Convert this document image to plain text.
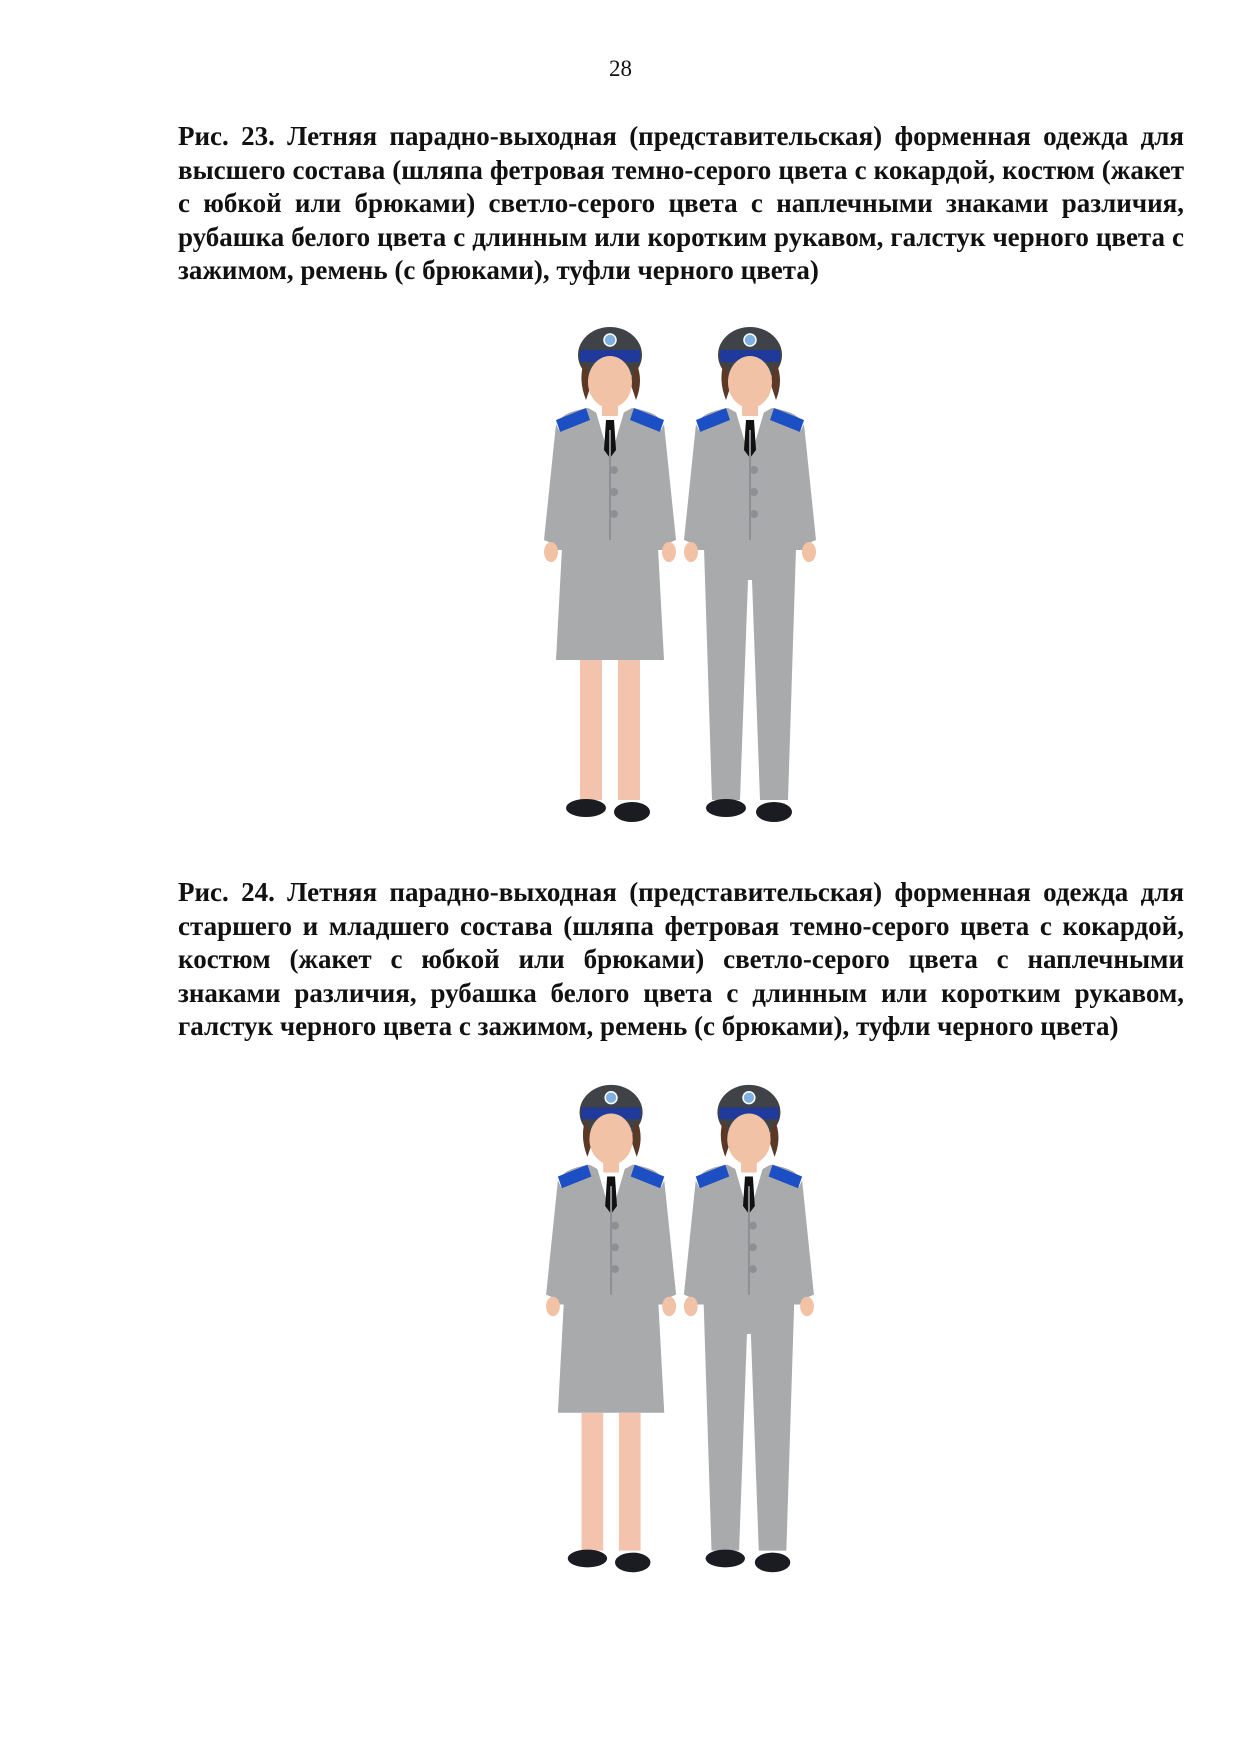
28

Рис. 23. Летняя парадно-выходная (представительская) форменная одежда для высшего состава (шляпа фетровая темно-серого цвета с кокардой, костюм (жакет с юбкой или брюками) светло-серого цвета с наплечными знаками различия, рубашка белого цвета с длинным или коротким рукавом, галстук черного цвета с зажимом, ремень (с брюками), туфли черного цвета)

Рис. 24. Летняя парадно-выходная (представительская) форменная одежда для старшего и младшего состава (шляпа фетровая темно-серого цвета с кокардой, костюм (жакет с юбкой или брюками) светло-серого цвета с наплечными знаками различия, рубашка белого цвета с длинным или коротким рукавом, галстук черного цвета с зажимом, ремень (с брюками), туфли черного цвета)
